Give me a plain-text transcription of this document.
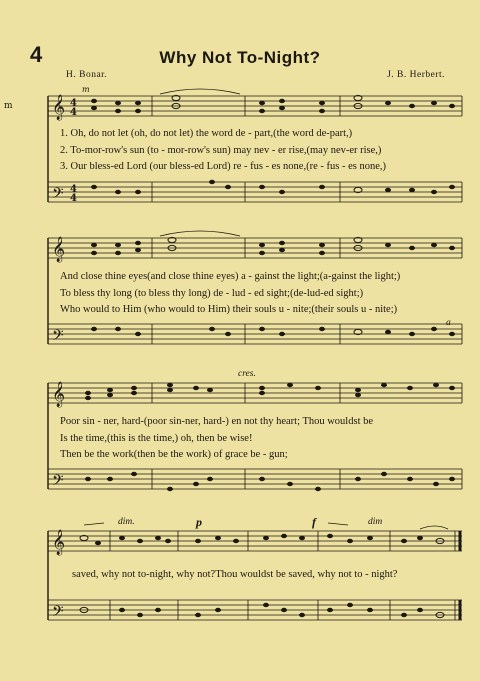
4	Why Not To-Night?
H. Bonar.	J. B. Herbert.
𝄞
𝄢
4
4
4
4
m
m
1. Oh, do not let (oh, do not let) the word de - part,(the word de-part,)
2. To-mor-row's sun (to - mor-row's sun) may nev - er rise,(may nev-er rise,)
3. Our bless-ed Lord (our bless-ed Lord) re - fus - es none,(re - fus - es none,)
𝄞
𝄢
And close thine eyes(and close thine eyes) a - gainst the light;(a-gainst the light;)
To bless thy long (to bless thy long) de - lud - ed sight;(de-lud-ed sight;)
Who would to Him (who would to Him) their souls u - nite;(their souls u - nite;)
a
𝄞
𝄢
cres.
Poor sin - ner, hard-(poor sin-ner, hard-) en not thy heart; Thou wouldst be
Is the time,(this is the time,) oh, then be wise!
Then be the work(then be the work) of grace be - gun;
𝄞
𝄢
dim.	p	f	dim
saved, why not to-night, why not?Thou wouldst be saved, why not to - night?
